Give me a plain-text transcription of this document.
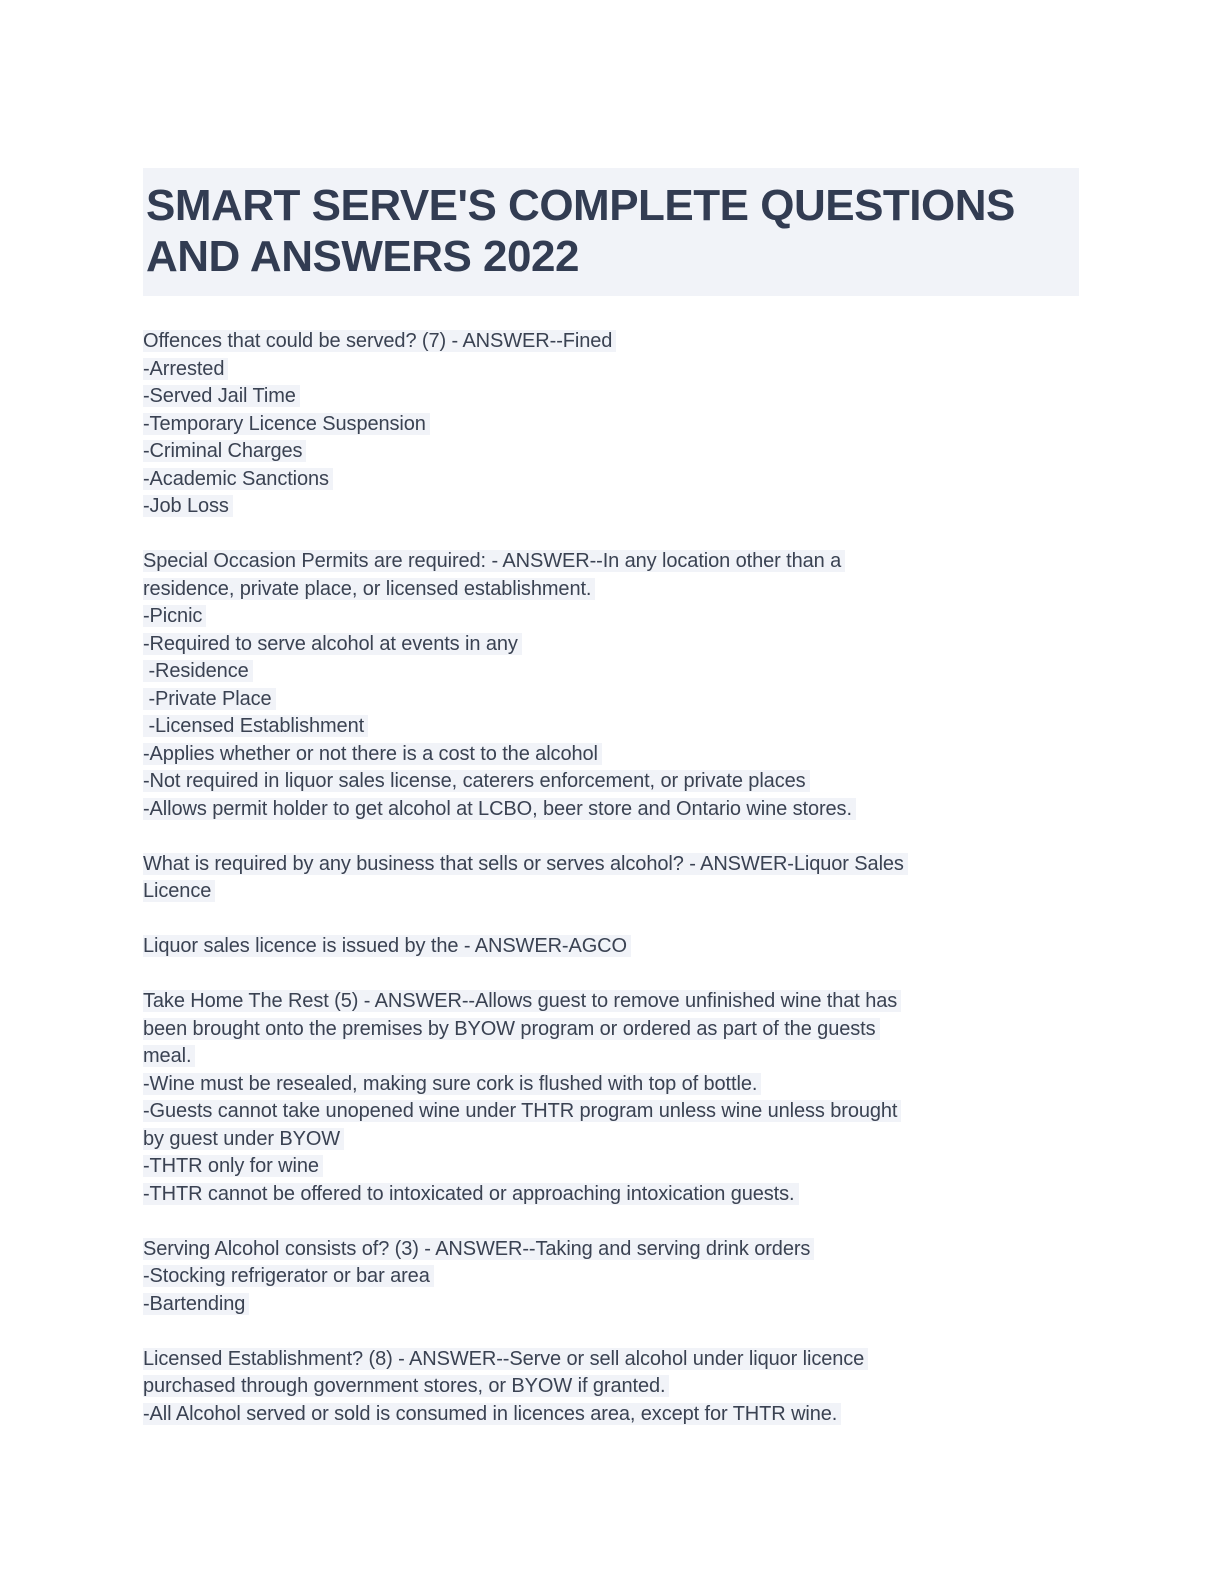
SMART SERVE'S COMPLETE QUESTIONS AND ANSWERS 2022
Offences that could be served? (7) - ANSWER--Fined
-Arrested
-Served Jail Time
-Temporary Licence Suspension
-Criminal Charges
-Academic Sanctions
-Job Loss
Special Occasion Permits are required: - ANSWER--In any location other than a
residence, private place, or licensed establishment.
-Picnic
-Required to serve alcohol at events in any
-Residence
-Private Place
-Licensed Establishment
-Applies whether or not there is a cost to the alcohol
-Not required in liquor sales license, caterers enforcement, or private places
-Allows permit holder to get alcohol at LCBO, beer store and Ontario wine stores.
What is required by any business that sells or serves alcohol? - ANSWER-Liquor Sales
Licence
Liquor sales licence is issued by the - ANSWER-AGCO
Take Home The Rest (5) - ANSWER--Allows guest to remove unfinished wine that has
been brought onto the premises by BYOW program or ordered as part of the guests
meal.
-Wine must be resealed, making sure cork is flushed with top of bottle.
-Guests cannot take unopened wine under THTR program unless wine unless brought
by guest under BYOW
-THTR only for wine
-THTR cannot be offered to intoxicated or approaching intoxication guests.
Serving Alcohol consists of? (3) - ANSWER--Taking and serving drink orders
-Stocking refrigerator or bar area
-Bartending
Licensed Establishment? (8) - ANSWER--Serve or sell alcohol under liquor licence
purchased through government stores, or BYOW if granted.
-All Alcohol served or sold is consumed in licences area, except for THTR wine.
